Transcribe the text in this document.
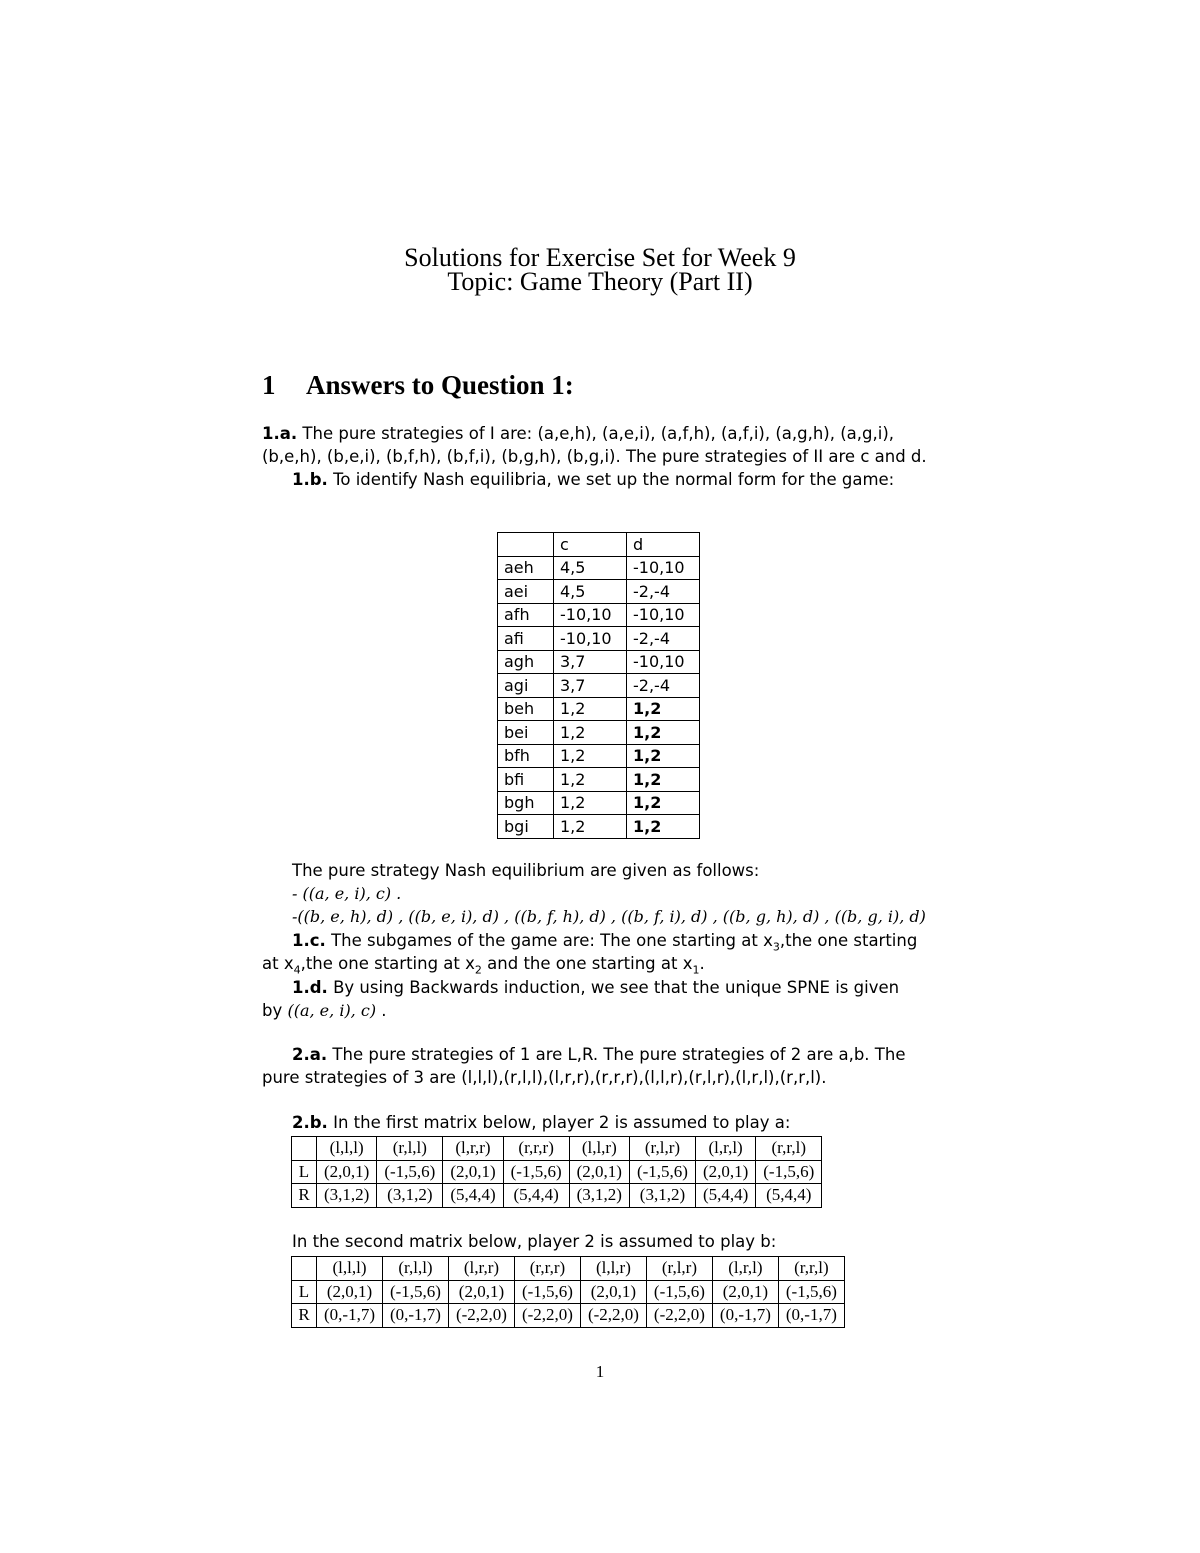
Solutions for Exercise Set for Week 9
Topic: Game Theory (Part II)
1 Answers to Question 1:
1.a. The pure strategies of I are: (a,e,h), (a,e,i), (a,f,h), (a,f,i), (a,g,h), (a,g,i),
(b,e,h), (b,e,i), (b,f,h), (b,f,i), (b,g,h), (b,g,i). The pure strategies of II are c and d.
1.b. To identify Nash equilibria, we set up the normal form for the game:
	c	d
aeh	4,5	-10,10
aei	4,5	-2,-4
afh	-10,10	-10,10
afi	-10,10	-2,-4
agh	3,7	-10,10
agi	3,7	-2,-4
beh	1,2	1,2
bei	1,2	1,2
bfh	1,2	1,2
bfi	1,2	1,2
bgh	1,2	1,2
bgi	1,2	1,2
The pure strategy Nash equilibrium are given as follows:
- ((a, e, i), c) .
-((b, e, h), d) , ((b, e, i), d) , ((b, f, h), d) , ((b, f, i), d) , ((b, g, h), d) , ((b, g, i), d)
1.c. The subgames of the game are: The one starting at $x_3,the$ one starting
at $x_4,the$ one starting at $x_2$ and the one starting at $x_1$.
1.d. By using Backwards induction, we see that the unique SPNE is given
by ((a, e, i), c) .
2.a. The pure strategies of 1 are L,R. The pure strategies of 2 are a,b. The
pure strategies of 3 are (l,l,l),(r,l,l),(l,r,r),(r,r,r),(l,l,r),(r,l,r),(l,r,l),(r,r,l).
2.b. In the first matrix below, player 2 is assumed to play a:
	(l,l,l)	(r,l,l)	(l,r,r)	(r,r,r)	(l,l,r)	(r,l,r)	(l,r,l)	(r,r,l)
L	(2,0,1)	(-1,5,6)	(2,0,1)	(-1,5,6)	(2,0,1)	(-1,5,6)	(2,0,1)	(-1,5,6)
R	(3,1,2)	(3,1,2)	(5,4,4)	(5,4,4)	(3,1,2)	(3,1,2)	(5,4,4)	(5,4,4)
In the second matrix below, player 2 is assumed to play b:
	(l,l,l)	(r,l,l)	(l,r,r)	(r,r,r)	(l,l,r)	(r,l,r)	(l,r,l)	(r,r,l)
L	(2,0,1)	(-1,5,6)	(2,0,1)	(-1,5,6)	(2,0,1)	(-1,5,6)	(2,0,1)	(-1,5,6)
R	(0,-1,7)	(0,-1,7)	(-2,2,0)	(-2,2,0)	(-2,2,0)	(-2,2,0)	(0,-1,7)	(0,-1,7)
1
